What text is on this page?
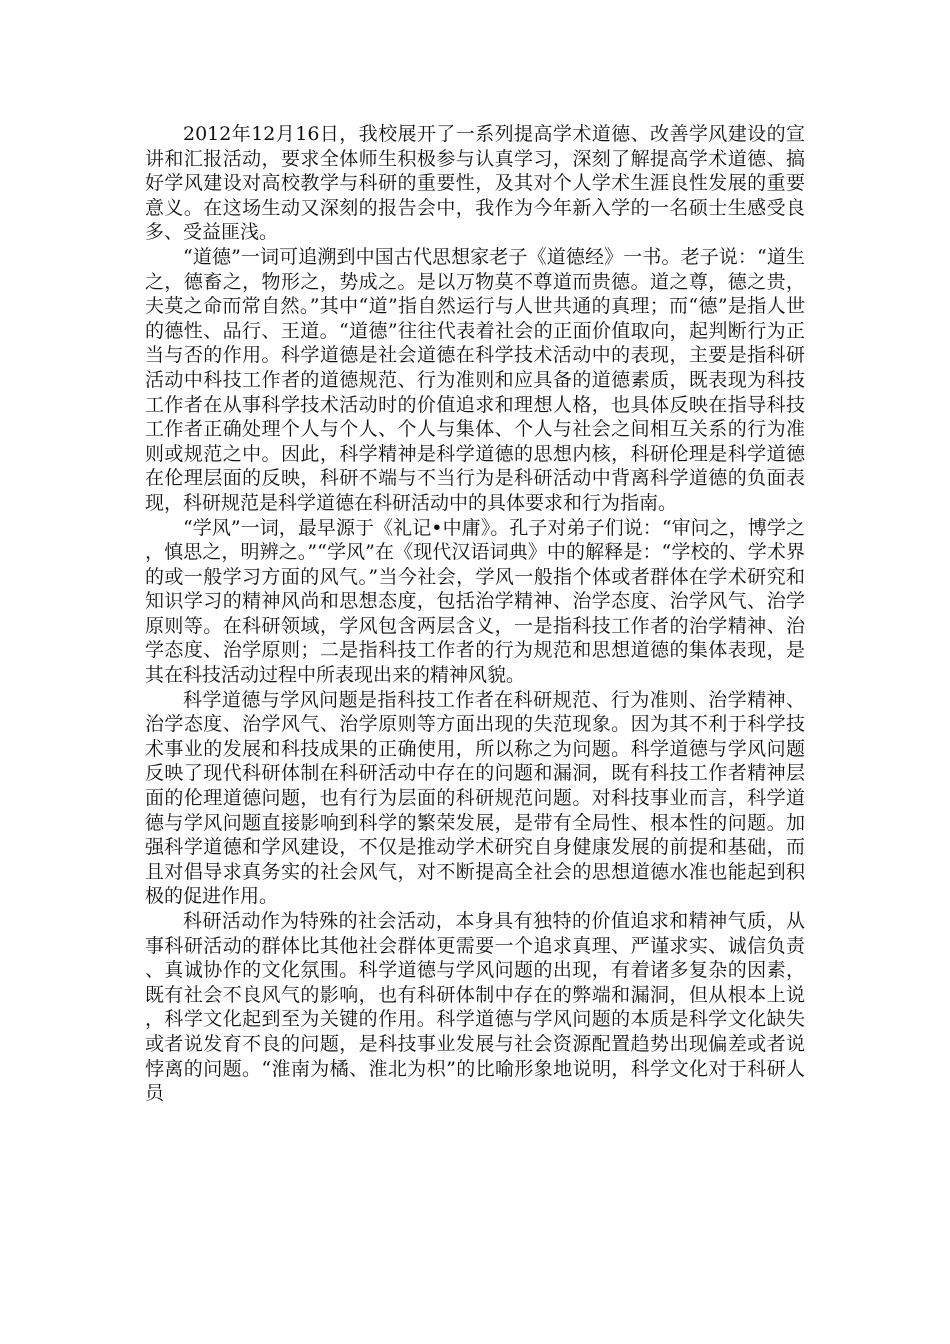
2012年12月16日，我校展开了一系列提高学术道德、改善学风建设的宣讲和汇报活动，要求全体师生积极参与认真学习，深刻了解提高学术道德、搞好学风建设对高校教学与科研的重要性，及其对个人学术生涯良性发展的重要意义。在这场生动又深刻的报告会中，我作为今年新入学的一名硕士生感受良多、受益匪浅。

“道德”一词可追溯到中国古代思想家老子《道德经》一书。老子说：“道生之，德畜之，物形之，势成之。是以万物莫不尊道而贵德。道之尊，德之贵，夫莫之命而常自然。”其中“道”指自然运行与人世共通的真理；而“德”是指人世的德性、品行、王道。“道德”往往代表着社会的正面价值取向，起判断行为正当与否的作用。科学道德是社会道德在科学技术活动中的表现，主要是指科研活动中科技工作者的道德规范、行为准则和应具备的道德素质，既表现为科技工作者在从事科学技术活动时的价值追求和理想人格，也具体反映在指导科技工作者正确处理个人与个人、个人与集体、个人与社会之间相互关系的行为准则或规范之中。因此，科学精神是科学道德的思想内核，科研伦理是科学道德在伦理层面的反映，科研不端与不当行为是科研活动中背离科学道德的负面表现，科研规范是科学道德在科研活动中的具体要求和行为指南。

“学风”一词，最早源于《礼记•中庸》。孔子对弟子们说：“审问之，博学之，慎思之，明辨之。”“学风”在《现代汉语词典》中的解释是：“学校的、学术界的或一般学习方面的风气。”当今社会，学风一般指个体或者群体在学术研究和知识学习的精神风尚和思想态度，包括治学精神、治学态度、治学风气、治学原则等。在科研领域，学风包含两层含义，一是指科技工作者的治学精神、治学态度、治学原则；二是指科技工作者的行为规范和思想道德的集体表现，是其在科技活动过程中所表现出来的精神风貌。

科学道德与学风问题是指科技工作者在科研规范、行为准则、治学精神、治学态度、治学风气、治学原则等方面出现的失范现象。因为其不利于科学技术事业的发展和科技成果的正确使用，所以称之为问题。科学道德与学风问题反映了现代科研体制在科研活动中存在的问题和漏洞，既有科技工作者精神层面的伦理道德问题，也有行为层面的科研规范问题。对科技事业而言，科学道德与学风问题直接影响到科学的繁荣发展，是带有全局性、根本性的问题。加强科学道德和学风建设，不仅是推动学术研究自身健康发展的前提和基础，而且对倡导求真务实的社会风气，对不断提高全社会的思想道德水准也能起到积极的促进作用。

科研活动作为特殊的社会活动，本身具有独特的价值追求和精神气质，从事科研活动的群体比其他社会群体更需要一个追求真理、严谨求实、诚信负责、真诚协作的文化氛围。科学道德与学风问题的出现，有着诸多复杂的因素，既有社会不良风气的影响，也有科研体制中存在的弊端和漏洞，但从根本上说，科学文化起到至为关键的作用。科学道德与学风问题的本质是科学文化缺失或者说发育不良的问题，是科技事业发展与社会资源配置趋势出现偏差或者说悖离的问题。“淮南为橘、淮北为枳”的比喻形象地说明，科学文化对于科研人员
